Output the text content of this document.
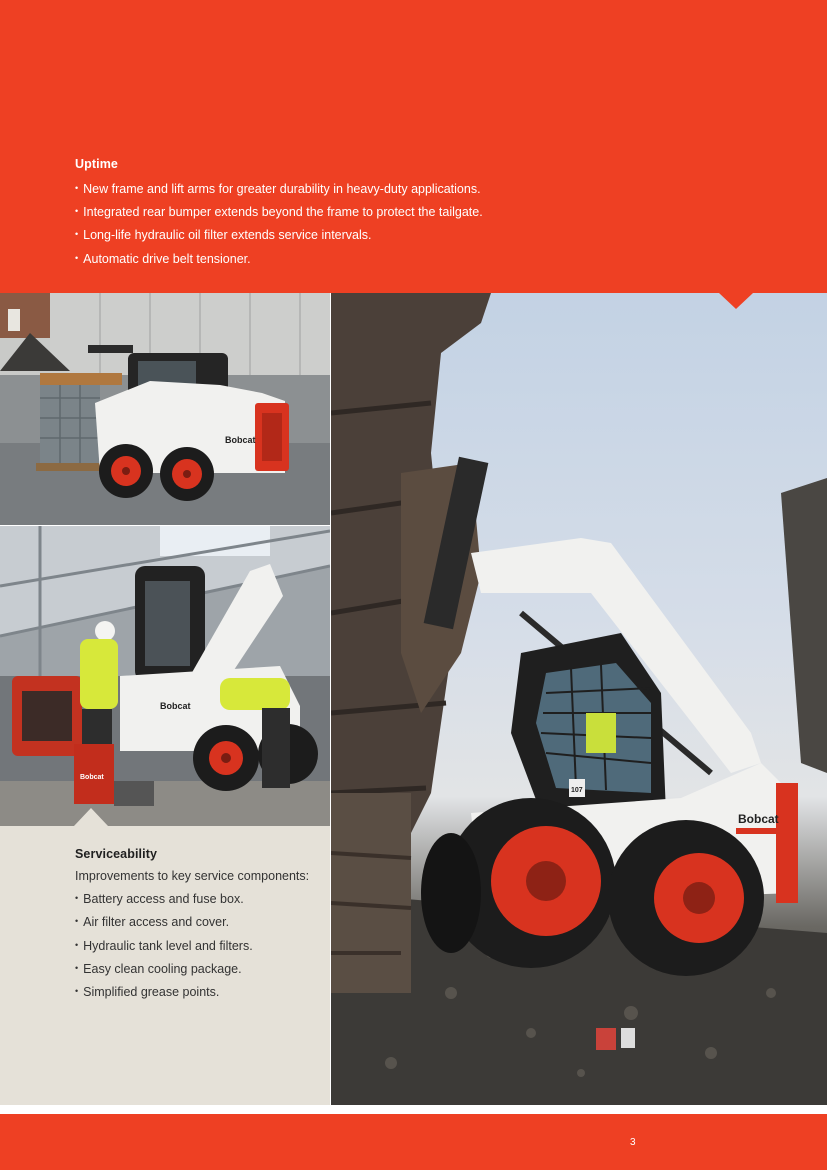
Uptime
• New frame and lift arms for greater durability in heavy-duty applications.
• Integrated rear bumper extends beyond the frame to protect the tailgate.
• Long-life hydraulic oil filter extends service intervals.
• Automatic drive belt tensioner.
Bobcat
Bobcat
Bobcat
Serviceability

Improvements to key service components:

• Battery access and fuse box.
• Air filter access and cover.
• Hydraulic tank level and filters.
• Easy clean cooling package.
• Simplified grease points.
107
Bobcat
3
